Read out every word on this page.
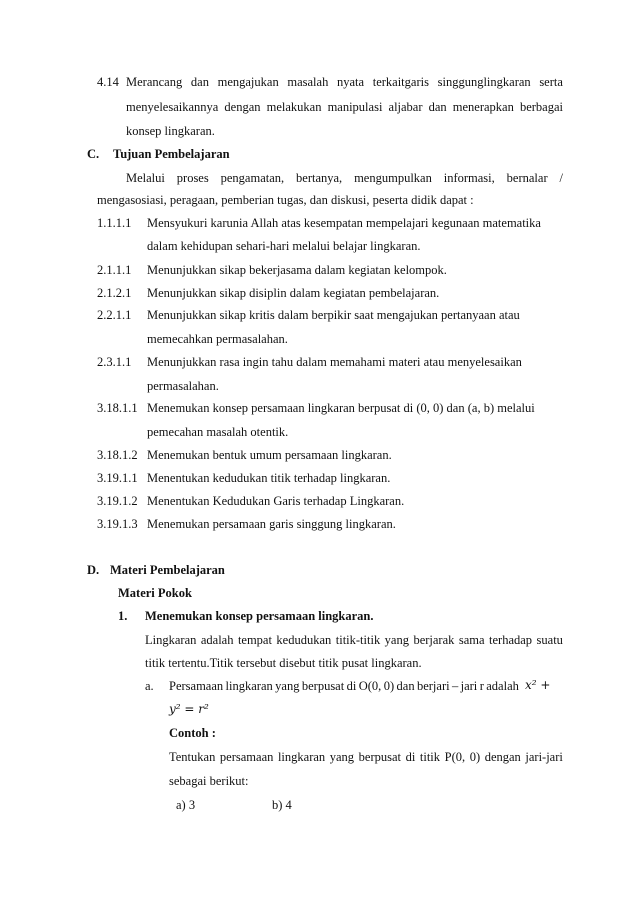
4.14 Merancang dan mengajukan masalah nyata terkaitgaris singgunglingkaran serta
menyelesaikannya dengan melakukan manipulasi aljabar dan menerapkan berbagai
konsep lingkaran.
C. Tujuan Pembelajaran
Melalui proses pengamatan, bertanya, mengumpulkan informasi, bernalar /
mengasosiasi, peragaan, pemberian tugas, dan diskusi, peserta didik dapat :
1.1.1.1 Mensyukuri karunia Allah atas kesempatan mempelajari kegunaan matematika
dalam kehidupan sehari-hari melalui belajar lingkaran.
2.1.1.1 Menunjukkan sikap bekerjasama dalam kegiatan kelompok.
2.1.2.1 Menunjukkan sikap disiplin dalam kegiatan pembelajaran.
2.2.1.1 Menunjukkan sikap kritis dalam berpikir saat mengajukan pertanyaan atau
memecahkan permasalahan.
2.3.1.1 Menunjukkan rasa ingin tahu dalam memahami materi atau menyelesaikan
permasalahan.
3.18.1.1 Menemukan konsep persamaan lingkaran berpusat di (0, 0) dan (a, b) melalui
pemecahan masalah otentik.
3.18.1.2 Menemukan bentuk umum persamaan lingkaran.
3.19.1.1 Menentukan kedudukan titik terhadap lingkaran.
3.19.1.2 Menentukan Kedudukan Garis terhadap Lingkaran.
3.19.1.3 Menemukan persamaan garis singgung lingkaran.
D. Materi Pembelajaran
Materi Pokok
1. Menemukan konsep persamaan lingkaran.
Lingkaran adalah tempat kedudukan titik-titik yang berjarak sama terhadap suatu
titik tertentu.Titik tersebut disebut titik pusat lingkaran.
a. Persamaan lingkaran yang berpusat di O(0, 0) dan berjari – jari r adalah x² +
y² = r²
Contoh :
Tentukan persamaan lingkaran yang berpusat di titik P(0, 0) dengan jari-jari
sebagai berikut:
a) 3	b) 4
